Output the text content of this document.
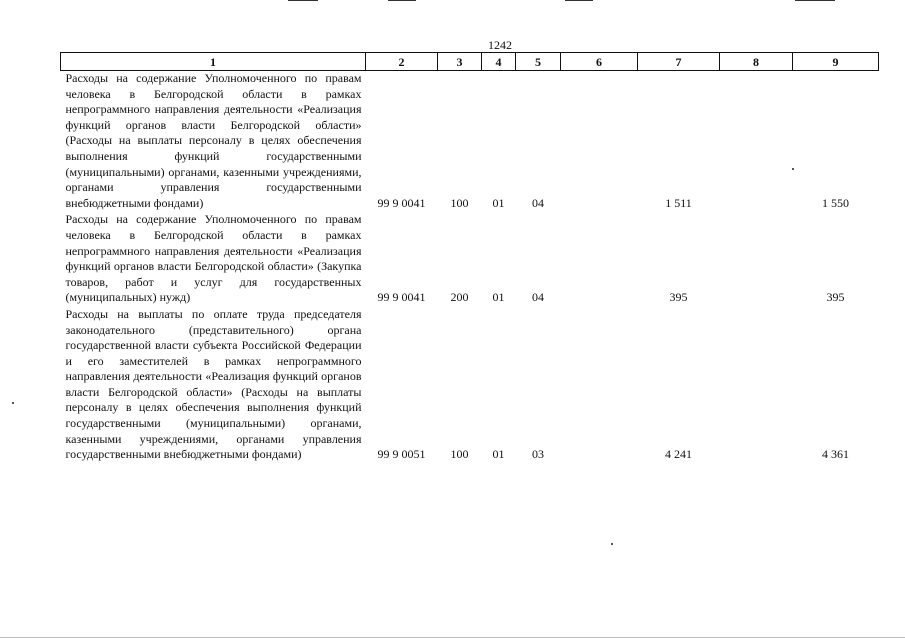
1242
1	2	3	4	5	6	7	8	9
Расходы на содержание Уполномоченного по правам человека в Белгородской области в рамках непрограммного направления деятельности «Реализация функций органов власти Белгородской области» (Расходы на выплаты персоналу в целях обеспечения выполнения функций государственными (муниципальными) органами, казенными учреждениями, органами управления государственными внебюджетными фондами)	99 9 0041	100	01	04		1 511		1 550
Расходы на содержание Уполномоченного по правам человека в Белгородской области в рамках непрограммного направления деятельности «Реализация функций органов власти Белгородской области» (Закупка товаров, работ и услуг для государственных (муниципальных) нужд)	99 9 0041	200	01	04		395		395
Расходы на выплаты по оплате труда председателя законодательного (представительного) органа государственной власти субъекта Российской Федерации и его заместителей в рамках непрограммного направления деятельности «Реализация функций органов власти Белгородской области» (Расходы на выплаты персоналу в целях обеспечения выполнения функций государственными (муниципальными) органами, казенными учреждениями, органами управления государственными внебюджетными фондами)	99 9 0051	100	01	03		4 241		4 361
